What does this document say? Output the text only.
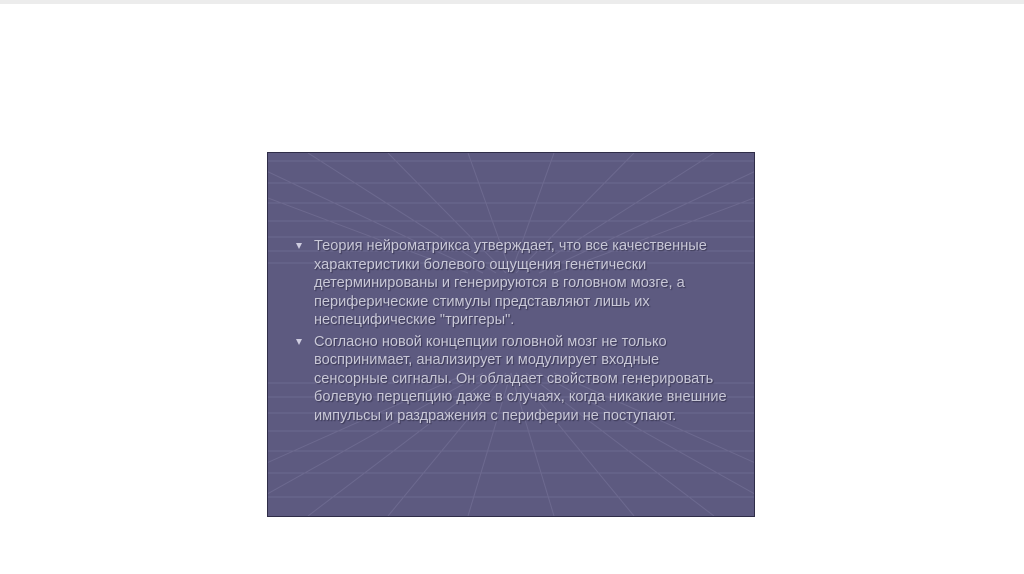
Теория нейроматрикса утверждает, что все качественные характеристики болевого ощущения генетически детерминированы и генерируются в головном мозге, а периферические стимулы представляют лишь их неспецифические "триггеры".
Согласно новой концепции головной мозг не только воспринимает, анализирует и модулирует входные сенсорные сигналы. Он обладает свойством генерировать болевую перцепцию даже в случаях, когда никакие внешние импульсы и раздражения с периферии не поступают.
